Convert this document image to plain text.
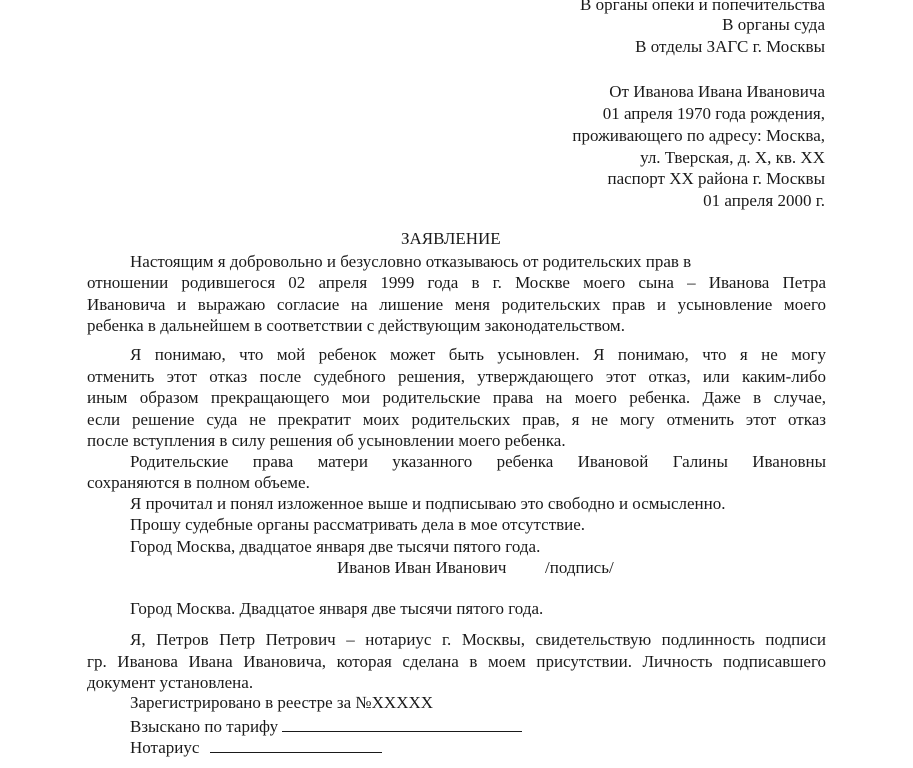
В органы опеки и попечительства
В органы суда
В отделы ЗАГС г. Москвы
От Иванова Ивана Ивановича
01 апреля 1970 года рождения,
проживающего по адресу: Москва,
ул. Тверская, д. Х, кв. ХХ
паспорт ХХ района г. Москвы
01 апреля 2000 г.
ЗАЯВЛЕНИЕ
Настоящим я добровольно и безусловно отказываюсь от родительских прав в
отношении родившегося 02 апреля 1999 года в г. Москве моего сына – Иванова Петра
Ивановича и выражаю согласие на лишение меня родительских прав и усыновление моего
ребенка в дальнейшем в соответствии с действующим законодательством.
Я понимаю, что мой ребенок может быть усыновлен. Я понимаю, что я не могу
отменить этот отказ после судебного решения, утверждающего этот отказ, или каким-либо
иным образом прекращающего мои родительские права на моего ребенка. Даже в случае,
если решение суда не прекратит моих родительских прав, я не могу отменить этот отказ
после вступления в силу решения об усыновлении моего ребенка.
Родительские права матери указанного ребенка Ивановой Галины Ивановны
сохраняются в полном объеме.
Я прочитал и понял изложенное выше и подписываю это свободно и осмысленно.
Прошу судебные органы рассматривать дела в мое отсутствие.
Город Москва, двадцатое января две тысячи пятого года.
Иванов Иван Иванович /подпись/
Город Москва. Двадцатое января две тысячи пятого года.
Я, Петров Петр Петрович – нотариус г. Москвы, свидетельствую подлинность подписи
гр. Иванова Ивана Ивановича, которая сделана в моем присутствии. Личность подписавшего
документ установлена.
Зарегистрировано в реестре за №ХХХХХ
Взыскано по тарифу
Нотариус
